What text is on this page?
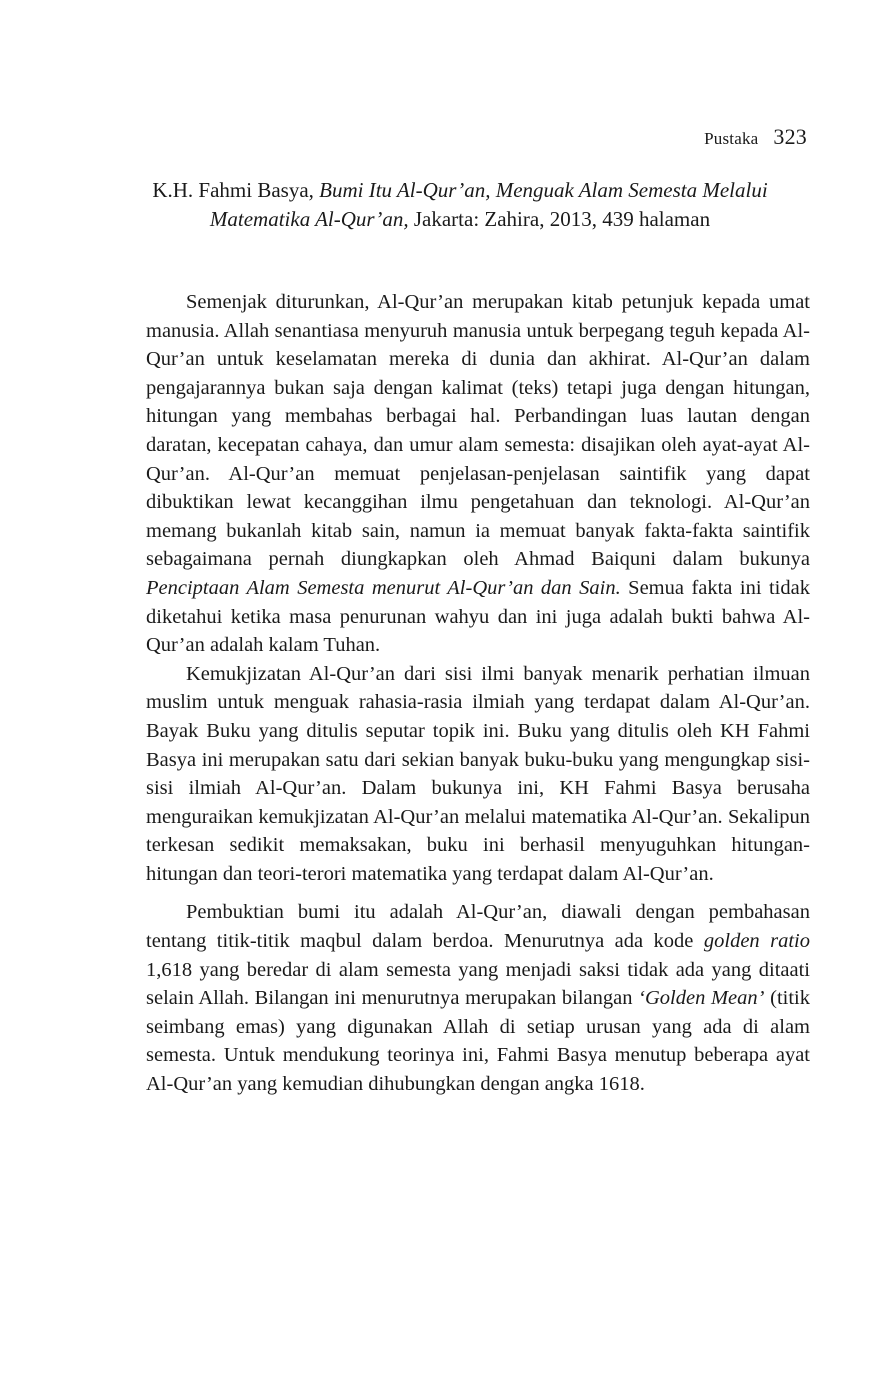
Pustaka 323
K.H. Fahmi Basya, Bumi Itu Al-Qur’an, Menguak Alam Semesta Melalui Matematika Al-Qur’an, Jakarta: Zahira, 2013, 439 halaman

Semenjak diturunkan, Al-Qur’an merupakan kitab petunjuk kepada umat manusia. Allah senantiasa menyuruh manusia untuk berpegang teguh kepada Al-Qur’an untuk keselamatan mereka di dunia dan akhirat. Al-Qur’an dalam pengajarannya bukan saja dengan kalimat (teks) tetapi juga dengan hitungan, hitungan yang membahas berbagai hal. Perbandingan luas lautan dengan daratan, kecepatan cahaya, dan umur alam semesta: disajikan oleh ayat-ayat Al-Qur’an. Al-Qur’an memuat penjelasan-penjelasan saintifik yang dapat dibuktikan lewat kecanggihan ilmu pengetahuan dan teknologi. Al-Qur’an memang bukanlah kitab sain, namun ia memuat banyak fakta-fakta saintifik sebagaimana pernah diungkapkan oleh Ahmad Baiquni dalam bukunya Penciptaan Alam Semesta menurut Al-Qur’an dan Sain. Semua fakta ini tidak diketahui ketika masa penurunan wahyu dan ini juga adalah bukti bahwa Al-Qur’an adalah kalam Tuhan.

Kemukjizatan Al-Qur’an dari sisi ilmi banyak menarik perhatian ilmuan muslim untuk menguak rahasia-rasia ilmiah yang terdapat dalam Al-Qur’an. Bayak Buku yang ditulis seputar topik ini. Buku yang ditulis oleh KH Fahmi Basya ini merupakan satu dari sekian banyak buku-buku yang mengungkap sisi-sisi ilmiah Al-Qur’an. Dalam bukunya ini, KH Fahmi Basya berusaha menguraikan kemukjizatan Al-Qur’an melalui matematika Al-Qur’an. Sekalipun terkesan sedikit memaksakan, buku ini berhasil menyuguhkan hitungan-hitungan dan teori-terori matematika yang terdapat dalam Al-Qur’an.

Pembuktian bumi itu adalah Al-Qur’an, diawali dengan pembahasan tentang titik-titik maqbul dalam berdoa. Menurutnya ada kode golden ratio 1,618 yang beredar di alam semesta yang menjadi saksi tidak ada yang ditaati selain Allah. Bilangan ini menurutnya merupakan bilangan ‘Golden Mean’ (titik seimbang emas) yang digunakan Allah di setiap urusan yang ada di alam semesta. Untuk mendukung teorinya ini, Fahmi Basya menutup beberapa ayat Al-Qur’an yang kemudian dihubungkan dengan angka 1618.
